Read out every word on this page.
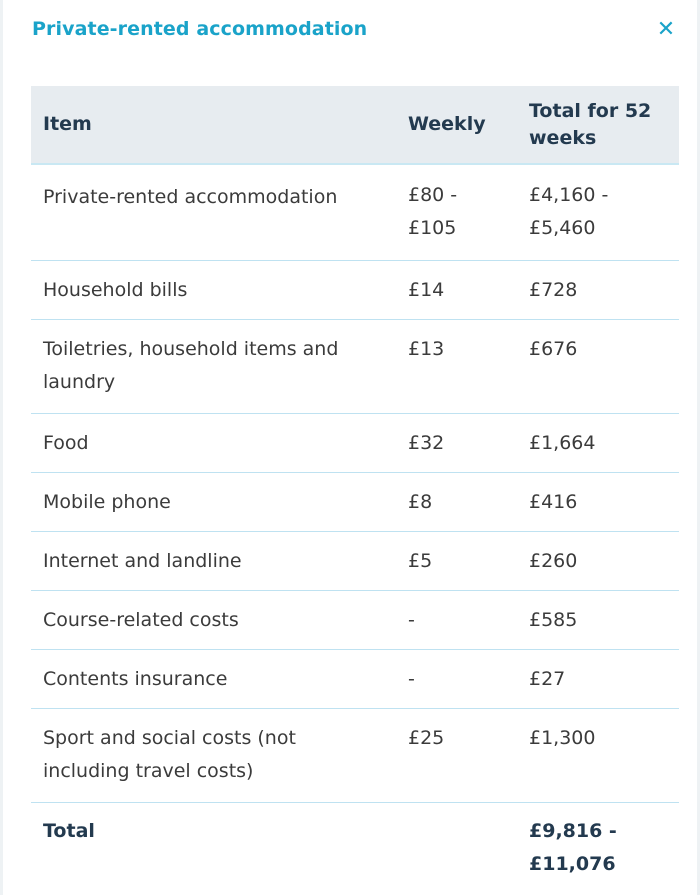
Private-rented accommodation	✕
Item	Weekly	Total for 52 weeks
Private-rented accommodation	£80 - £105	£4,160 - £5,460
Household bills	£14	£728
Toiletries, household items and laundry	£13	£676
Food	£32	£1,664
Mobile phone	£8	£416
Internet and landline	£5	£260
Course-related costs	-	£585
Contents insurance	-	£27
Sport and social costs (not including travel costs)	£25	£1,300
Total		£9,816 - £11,076
